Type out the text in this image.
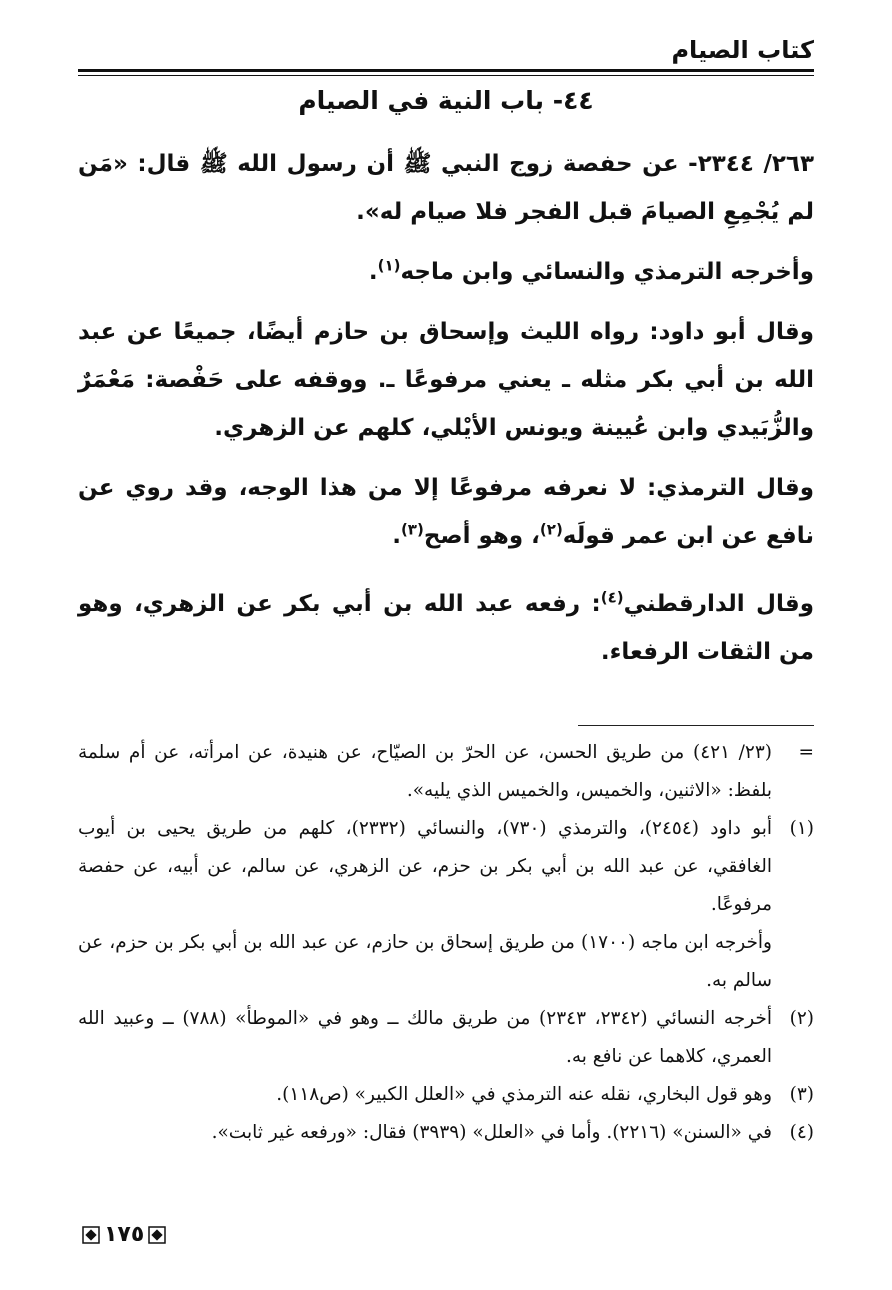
كتاب الصيام
٤٤- باب النية في الصيام

٢٦٣/ ٢٣٤٤- عن حفصة زوج النبي ﷺ أن رسول الله ﷺ قال: «مَن لم يُجْمِعِ الصيامَ قبل الفجر فلا صيام له».

وأخرجه الترمذي والنسائي وابن ماجه$^{(١)}$.

وقال أبو داود: رواه الليث وإسحاق بن حازم أيضًا، جميعًا عن عبد الله بن أبي بكر مثله ـ يعني مرفوعًا ـ. ووقفه على حَفْصة: مَعْمَرٌ والزُّبَيدي وابن عُيينة ويونس الأيْلي، كلهم عن الزهري.

وقال الترمذي: لا نعرفه مرفوعًا إلا من هذا الوجه، وقد روي عن نافع عن ابن عمر قولَه$^{(٢)}$، وهو أصح$^{(٣)}$.

وقال الدارقطني$^{(٤)}$: رفعه عبد الله بن أبي بكر عن الزهري، وهو من الثقات الرفعاء.

=

(٢٣/ ٤٢١) من طريق الحسن، عن الحرّ بن الصيّاح، عن هنيدة، عن امرأته، عن أم سلمة بلفظ: «الاثنين، والخميس، والخميس الذي يليه».

(١)

أبو داود (٢٤٥٤)، والترمذي (٧٣٠)، والنسائي (٢٣٣٢)، كلهم من طريق يحيى بن أيوب الغافقي، عن عبد الله بن أبي بكر بن حزم، عن الزهري، عن سالم، عن أبيه، عن حفصة مرفوعًا.

وأخرجه ابن ماجه (١٧٠٠) من طريق إسحاق بن حازم، عن عبد الله بن أبي بكر بن حزم، عن سالم به.

(٢)

أخرجه النسائي (٢٣٤٢، ٢٣٤٣) من طريق مالك ــ وهو في «الموطأ» (٧٨٨) ــ وعبيد الله العمري، كلاهما عن نافع به.

(٣)

وهو قول البخاري، نقله عنه الترمذي في «العلل الكبير» (ص١١٨).

(٤)

في «السنن» (٢٢١٦). وأما في «العلل» (٣٩٣٩) فقال: «ورفعه غير ثابت».

١٧٥
